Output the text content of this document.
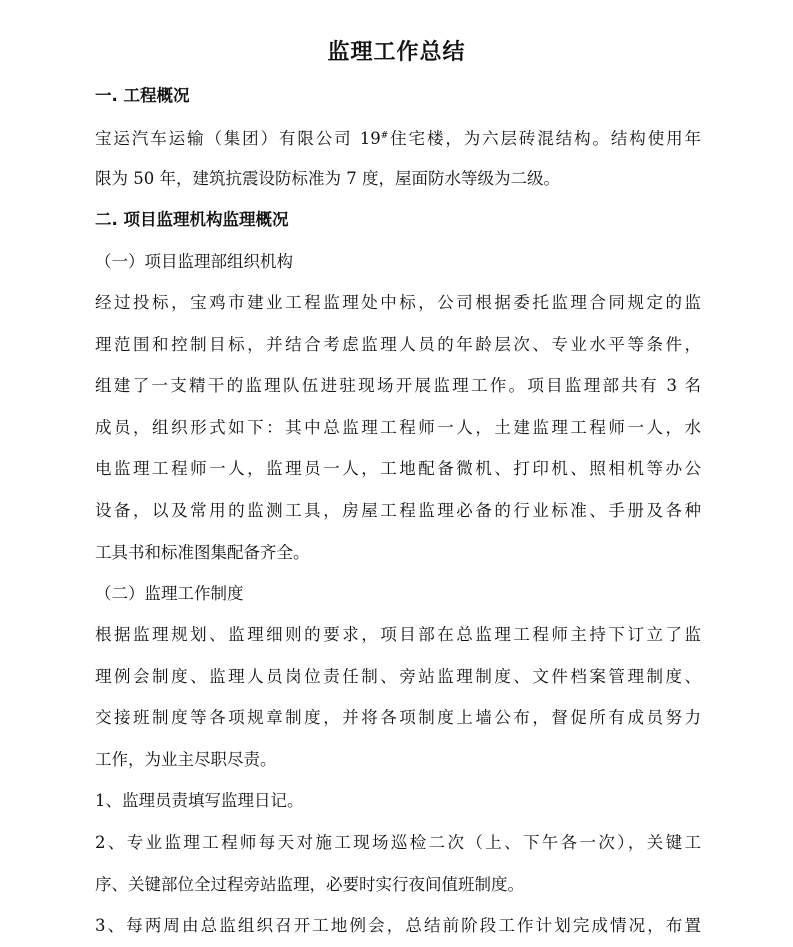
监理工作总结
一. 工程概况
宝运汽车运输（集团）有限公司 19#住宅楼，为六层砖混结构。结构使用年
限为 50 年，建筑抗震设防标准为 7 度，屋面防水等级为二级。
二. 项目监理机构监理概况
（一）项目监理部组织机构
经过投标，宝鸡市建业工程监理处中标，公司根据委托监理合同规定的监
理范围和控制目标，并结合考虑监理人员的年龄层次、专业水平等条件，
组建了一支精干的监理队伍进驻现场开展监理工作。项目监理部共有 3 名
成员，组织形式如下：其中总监理工程师一人，土建监理工程师一人，水
电监理工程师一人，监理员一人，工地配备微机、打印机、照相机等办公
设备，以及常用的监测工具，房屋工程监理必备的行业标准、手册及各种
工具书和标准图集配备齐全。
（二）监理工作制度
根据监理规划、监理细则的要求，项目部在总监理工程师主持下订立了监
理例会制度、监理人员岗位责任制、旁站监理制度、文件档案管理制度、
交接班制度等各项规章制度，并将各项制度上墙公布，督促所有成员努力
工作，为业主尽职尽责。
1、监理员责填写监理日记。
2、专业监理工程师每天对施工现场巡检二次（上、下午各一次），关键工
序、关键部位全过程旁站监理，必要时实行夜间值班制度。
3、每两周由总监组织召开工地例会，总结前阶段工作计划完成情况，布置
